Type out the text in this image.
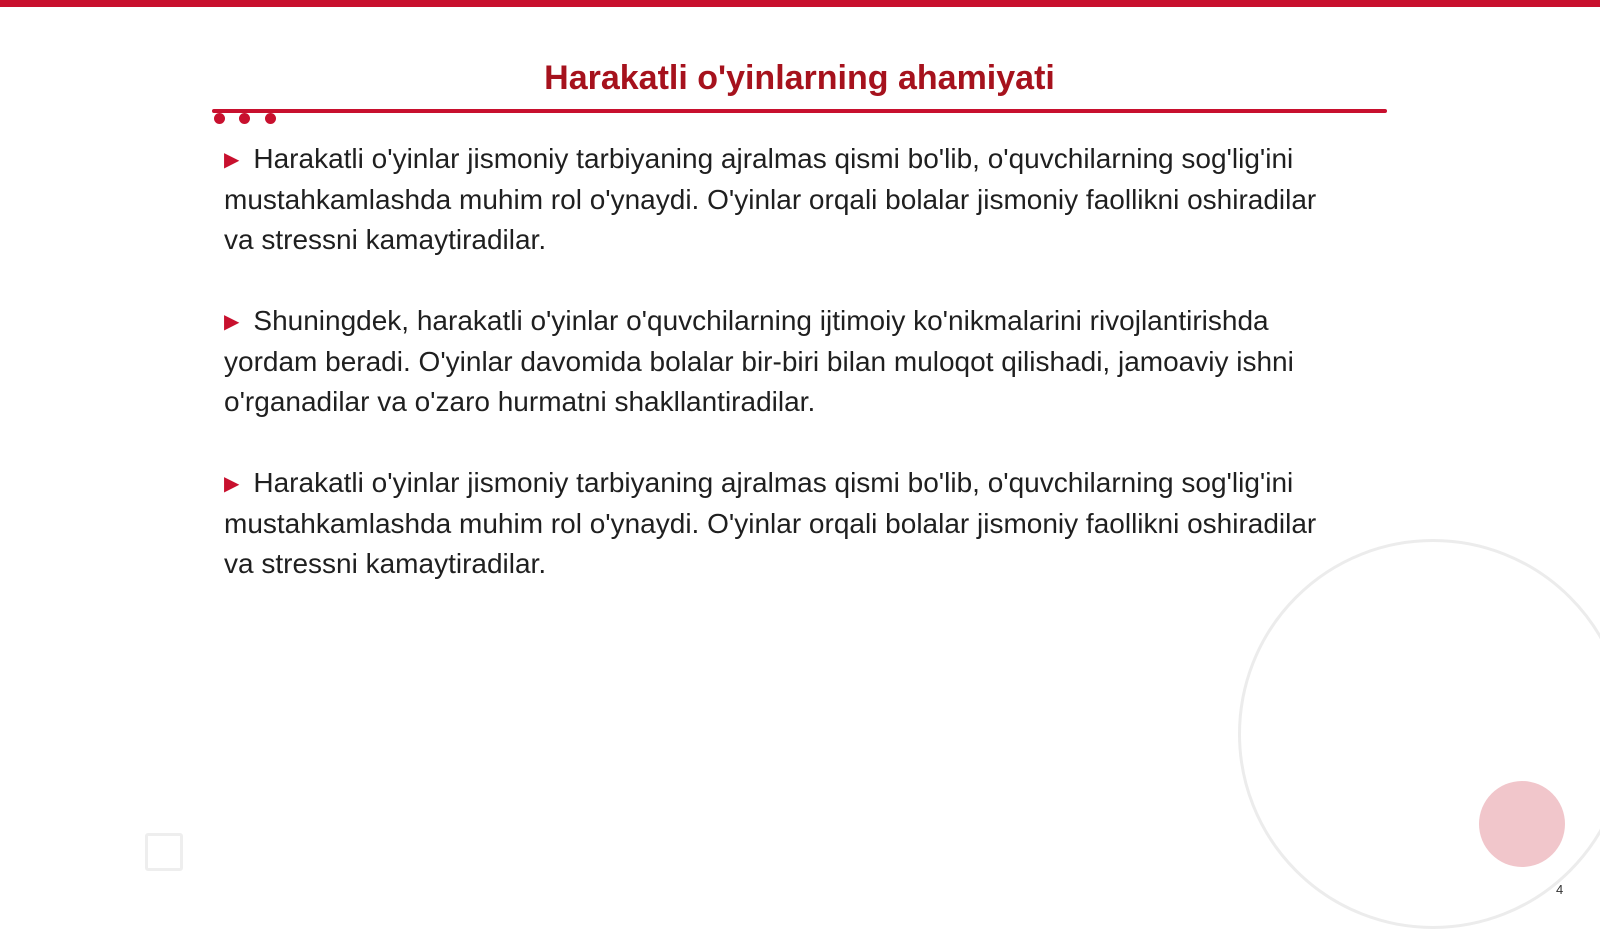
Harakatli o'yinlarning ahamiyati

▶ Harakatli o'yinlar jismoniy tarbiyaning ajralmas qismi bo'lib, o'quvchilarning sog'lig'ini mustahkamlashda muhim rol o'ynaydi. O'yinlar orqali bolalar jismoniy faollikni oshiradilar va stressni kamaytiradilar.

▶ Shuningdek, harakatli o'yinlar o'quvchilarning ijtimoiy ko'nikmalarini rivojlantirishda yordam beradi. O'yinlar davomida bolalar bir-biri bilan muloqot qilishadi, jamoaviy ishni o'rganadilar va o'zaro hurmatni shakllantiradilar.

▶ Harakatli o'yinlar jismoniy tarbiyaning ajralmas qismi bo'lib, o'quvchilarning sog'lig'ini mustahkamlashda muhim rol o'ynaydi. O'yinlar orqali bolalar jismoniy faollikni oshiradilar va stressni kamaytiradilar.

4
